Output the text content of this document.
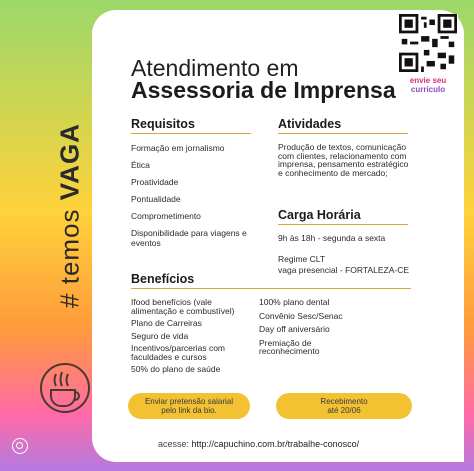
# temos VAGA
Atendimento em
Assessoria de Imprensa	envie seu
currículo
Requisitos
Formação em jornalismo
Ética
Proatividade
Pontualidade
Comprometimento
Disponibilidade para viagens e eventos
Atividades
Produção de textos, comunicação com clientes, relacionamento com imprensa, pensamento estratégico e conhecimento de mercado;
Carga Horária
9h às 18h - segunda a sexta
Regime CLT
vaga presencial - FORTALEZA-CE
Benefícios
Ifood benefícios (vale alimentação e combustível)
Plano de Carreiras
Seguro de vida
Incentivos/parcerias com faculdades e cursos
50% do plano de saúde
100% plano dental
Convênio Sesc/Senac
Day off aniversário
Premiação de reconhecimento
Enviar pretensão salarial pelo link da bio.
Recebimento até 20/06
acesse: http://capuchino.com.br/trabalhe-conosco/
